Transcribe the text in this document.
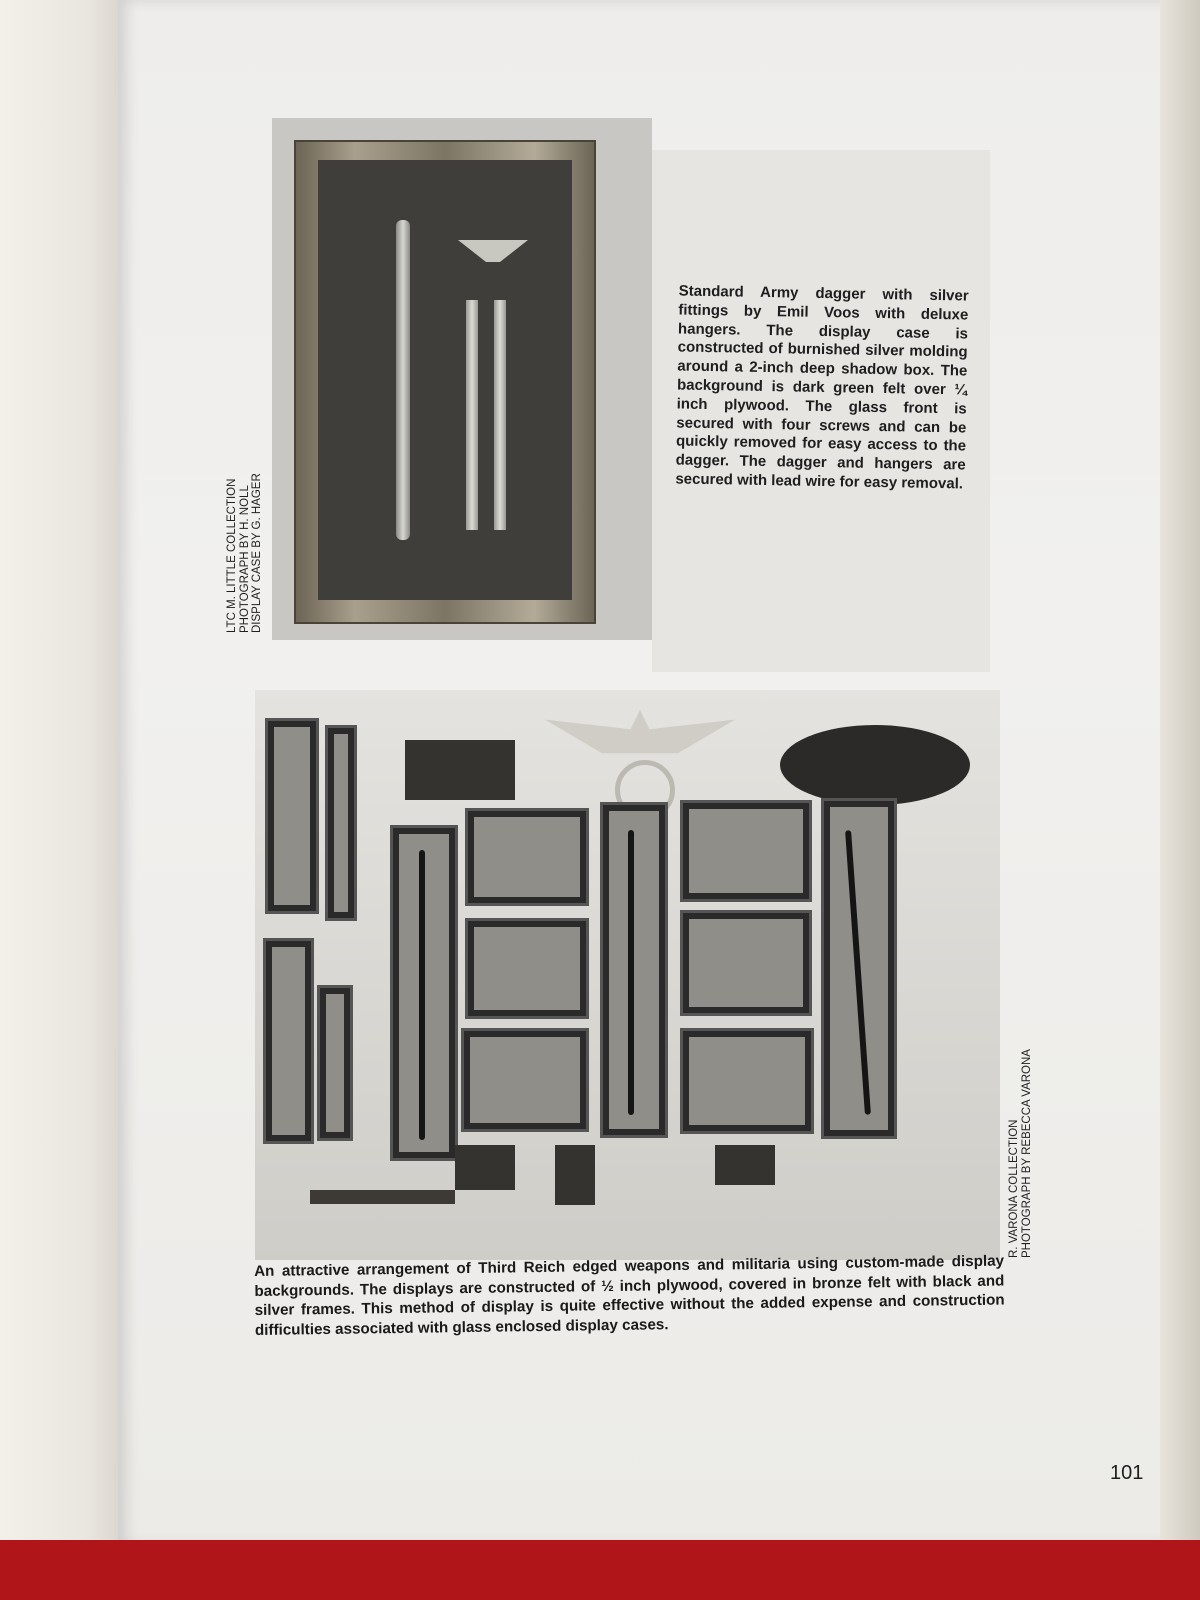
Standard Army dagger with silver fittings by Emil Voos with deluxe hangers. The display case is constructed of burnished silver molding around a 2-inch deep shadow box. The background is dark green felt over ¼ inch plywood. The glass front is secured with four screws and can be quickly removed for easy access to the dagger. The dagger and hangers are secured with lead wire for easy removal.
LTC M. LITTLE COLLECTION PHOTOGRAPH BY H. NOLL DISPLAY CASE BY G. HAGER
R. VARONA COLLECTION PHOTOGRAPH BY REBECCA VARONA
An attractive arrangement of Third Reich edged weapons and militaria using custom-made display backgrounds. The displays are constructed of ½ inch plywood, covered in bronze felt with black and silver frames. This method of display is quite effective without the added expense and construction difficulties associated with glass enclosed display cases.
101
